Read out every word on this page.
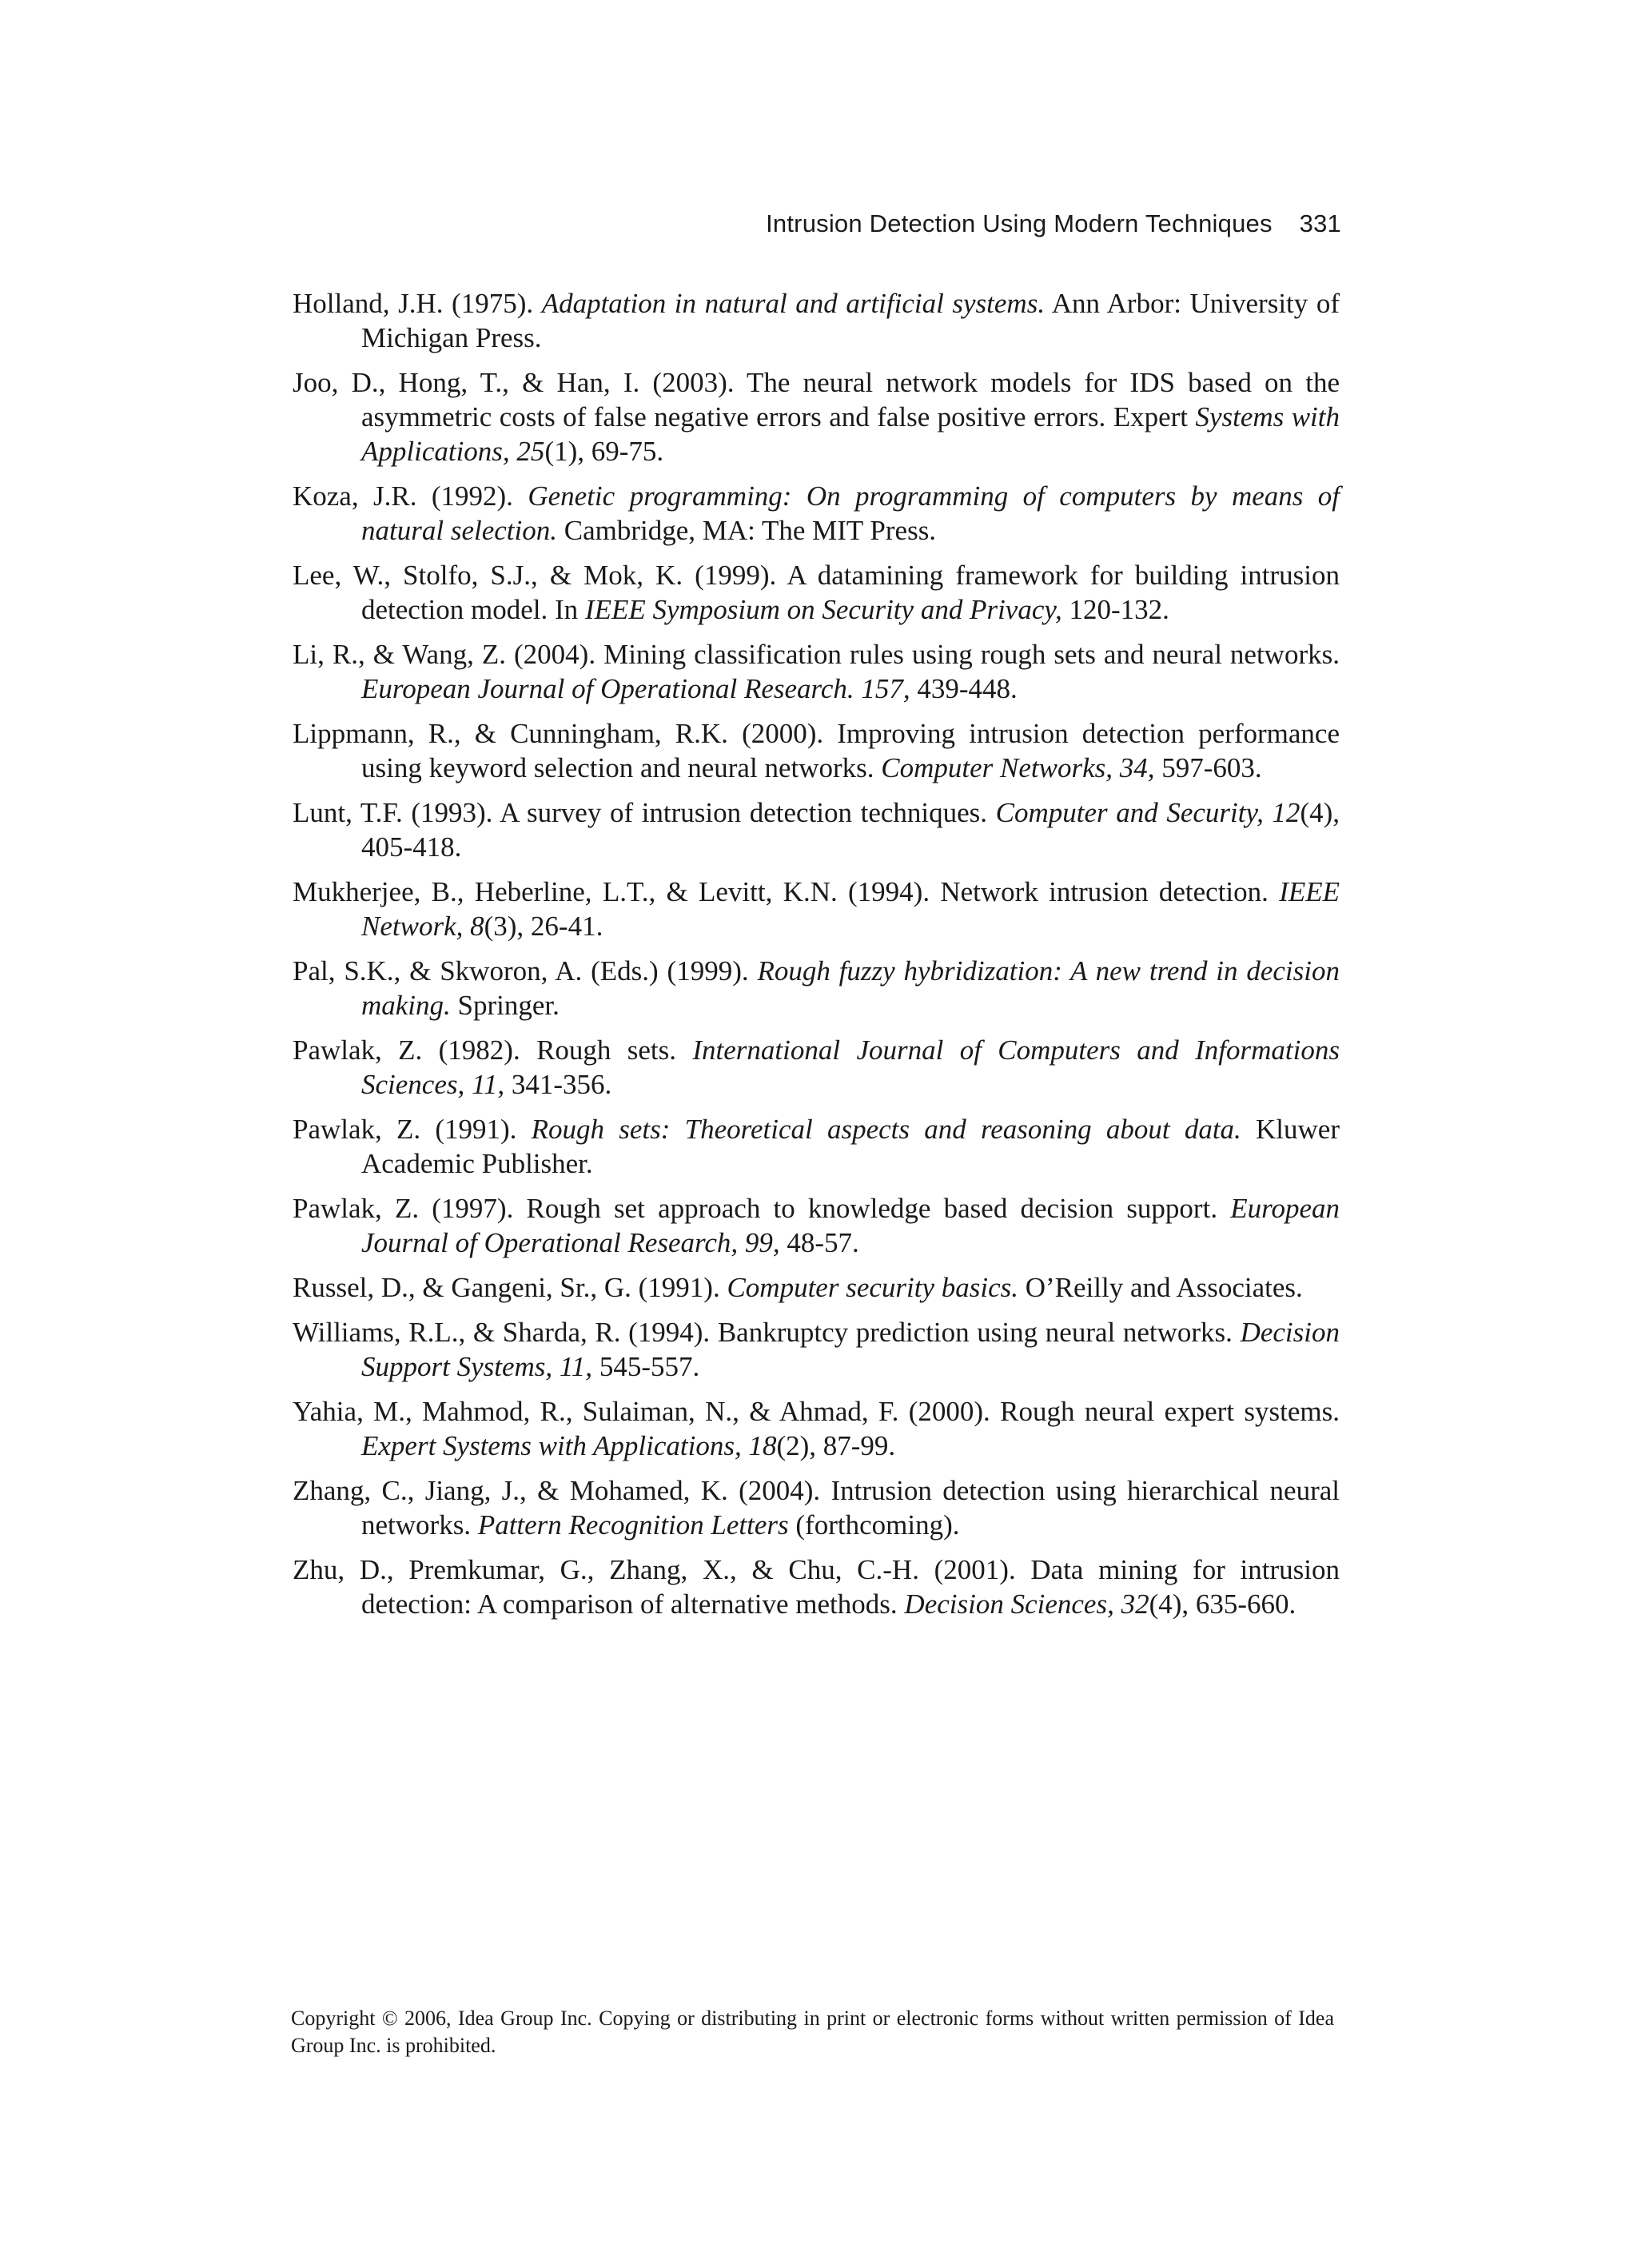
Intrusion Detection Using Modern Techniques 331

Holland, J.H. (1975). Adaptation in natural and artificial systems. Ann Arbor: University of Michigan Press.

Joo, D., Hong, T., & Han, I. (2003). The neural network models for IDS based on the asymmetric costs of false negative errors and false positive errors. Expert Systems with Applications, 25(1), 69-75.

Koza, J.R. (1992). Genetic programming: On programming of computers by means of natural selection. Cambridge, MA: The MIT Press.

Lee, W., Stolfo, S.J., & Mok, K. (1999). A datamining framework for building intrusion detection model. In IEEE Symposium on Security and Privacy, 120-132.

Li, R., & Wang, Z. (2004). Mining classification rules using rough sets and neural networks. European Journal of Operational Research. 157, 439-448.

Lippmann, R., & Cunningham, R.K. (2000). Improving intrusion detection performance using keyword selection and neural networks. Computer Networks, 34, 597-603.

Lunt, T.F. (1993). A survey of intrusion detection techniques. Computer and Security, 12(4), 405-418.

Mukherjee, B., Heberline, L.T., & Levitt, K.N. (1994). Network intrusion detection. IEEE Network, 8(3), 26-41.

Pal, S.K., & Skworon, A. (Eds.) (1999). Rough fuzzy hybridization: A new trend in decision making. Springer.

Pawlak, Z. (1982). Rough sets. International Journal of Computers and Informations Sciences, 11, 341-356.

Pawlak, Z. (1991). Rough sets: Theoretical aspects and reasoning about data. Kluwer Academic Publisher.

Pawlak, Z. (1997). Rough set approach to knowledge based decision support. European Journal of Operational Research, 99, 48-57.

Russel, D., & Gangeni, Sr., G. (1991). Computer security basics. O’Reilly and Associates.

Williams, R.L., & Sharda, R. (1994). Bankruptcy prediction using neural networks. Decision Support Systems, 11, 545-557.

Yahia, M., Mahmod, R., Sulaiman, N., & Ahmad, F. (2000). Rough neural expert systems. Expert Systems with Applications, 18(2), 87-99.

Zhang, C., Jiang, J., & Mohamed, K. (2004). Intrusion detection using hierarchical neural networks. Pattern Recognition Letters (forthcoming).

Zhu, D., Premkumar, G., Zhang, X., & Chu, C.-H. (2001). Data mining for intrusion detection: A comparison of alternative methods. Decision Sciences, 32(4), 635-660.

Copyright © 2006, Idea Group Inc. Copying or distributing in print or electronic forms without written permission of Idea Group Inc. is prohibited.
